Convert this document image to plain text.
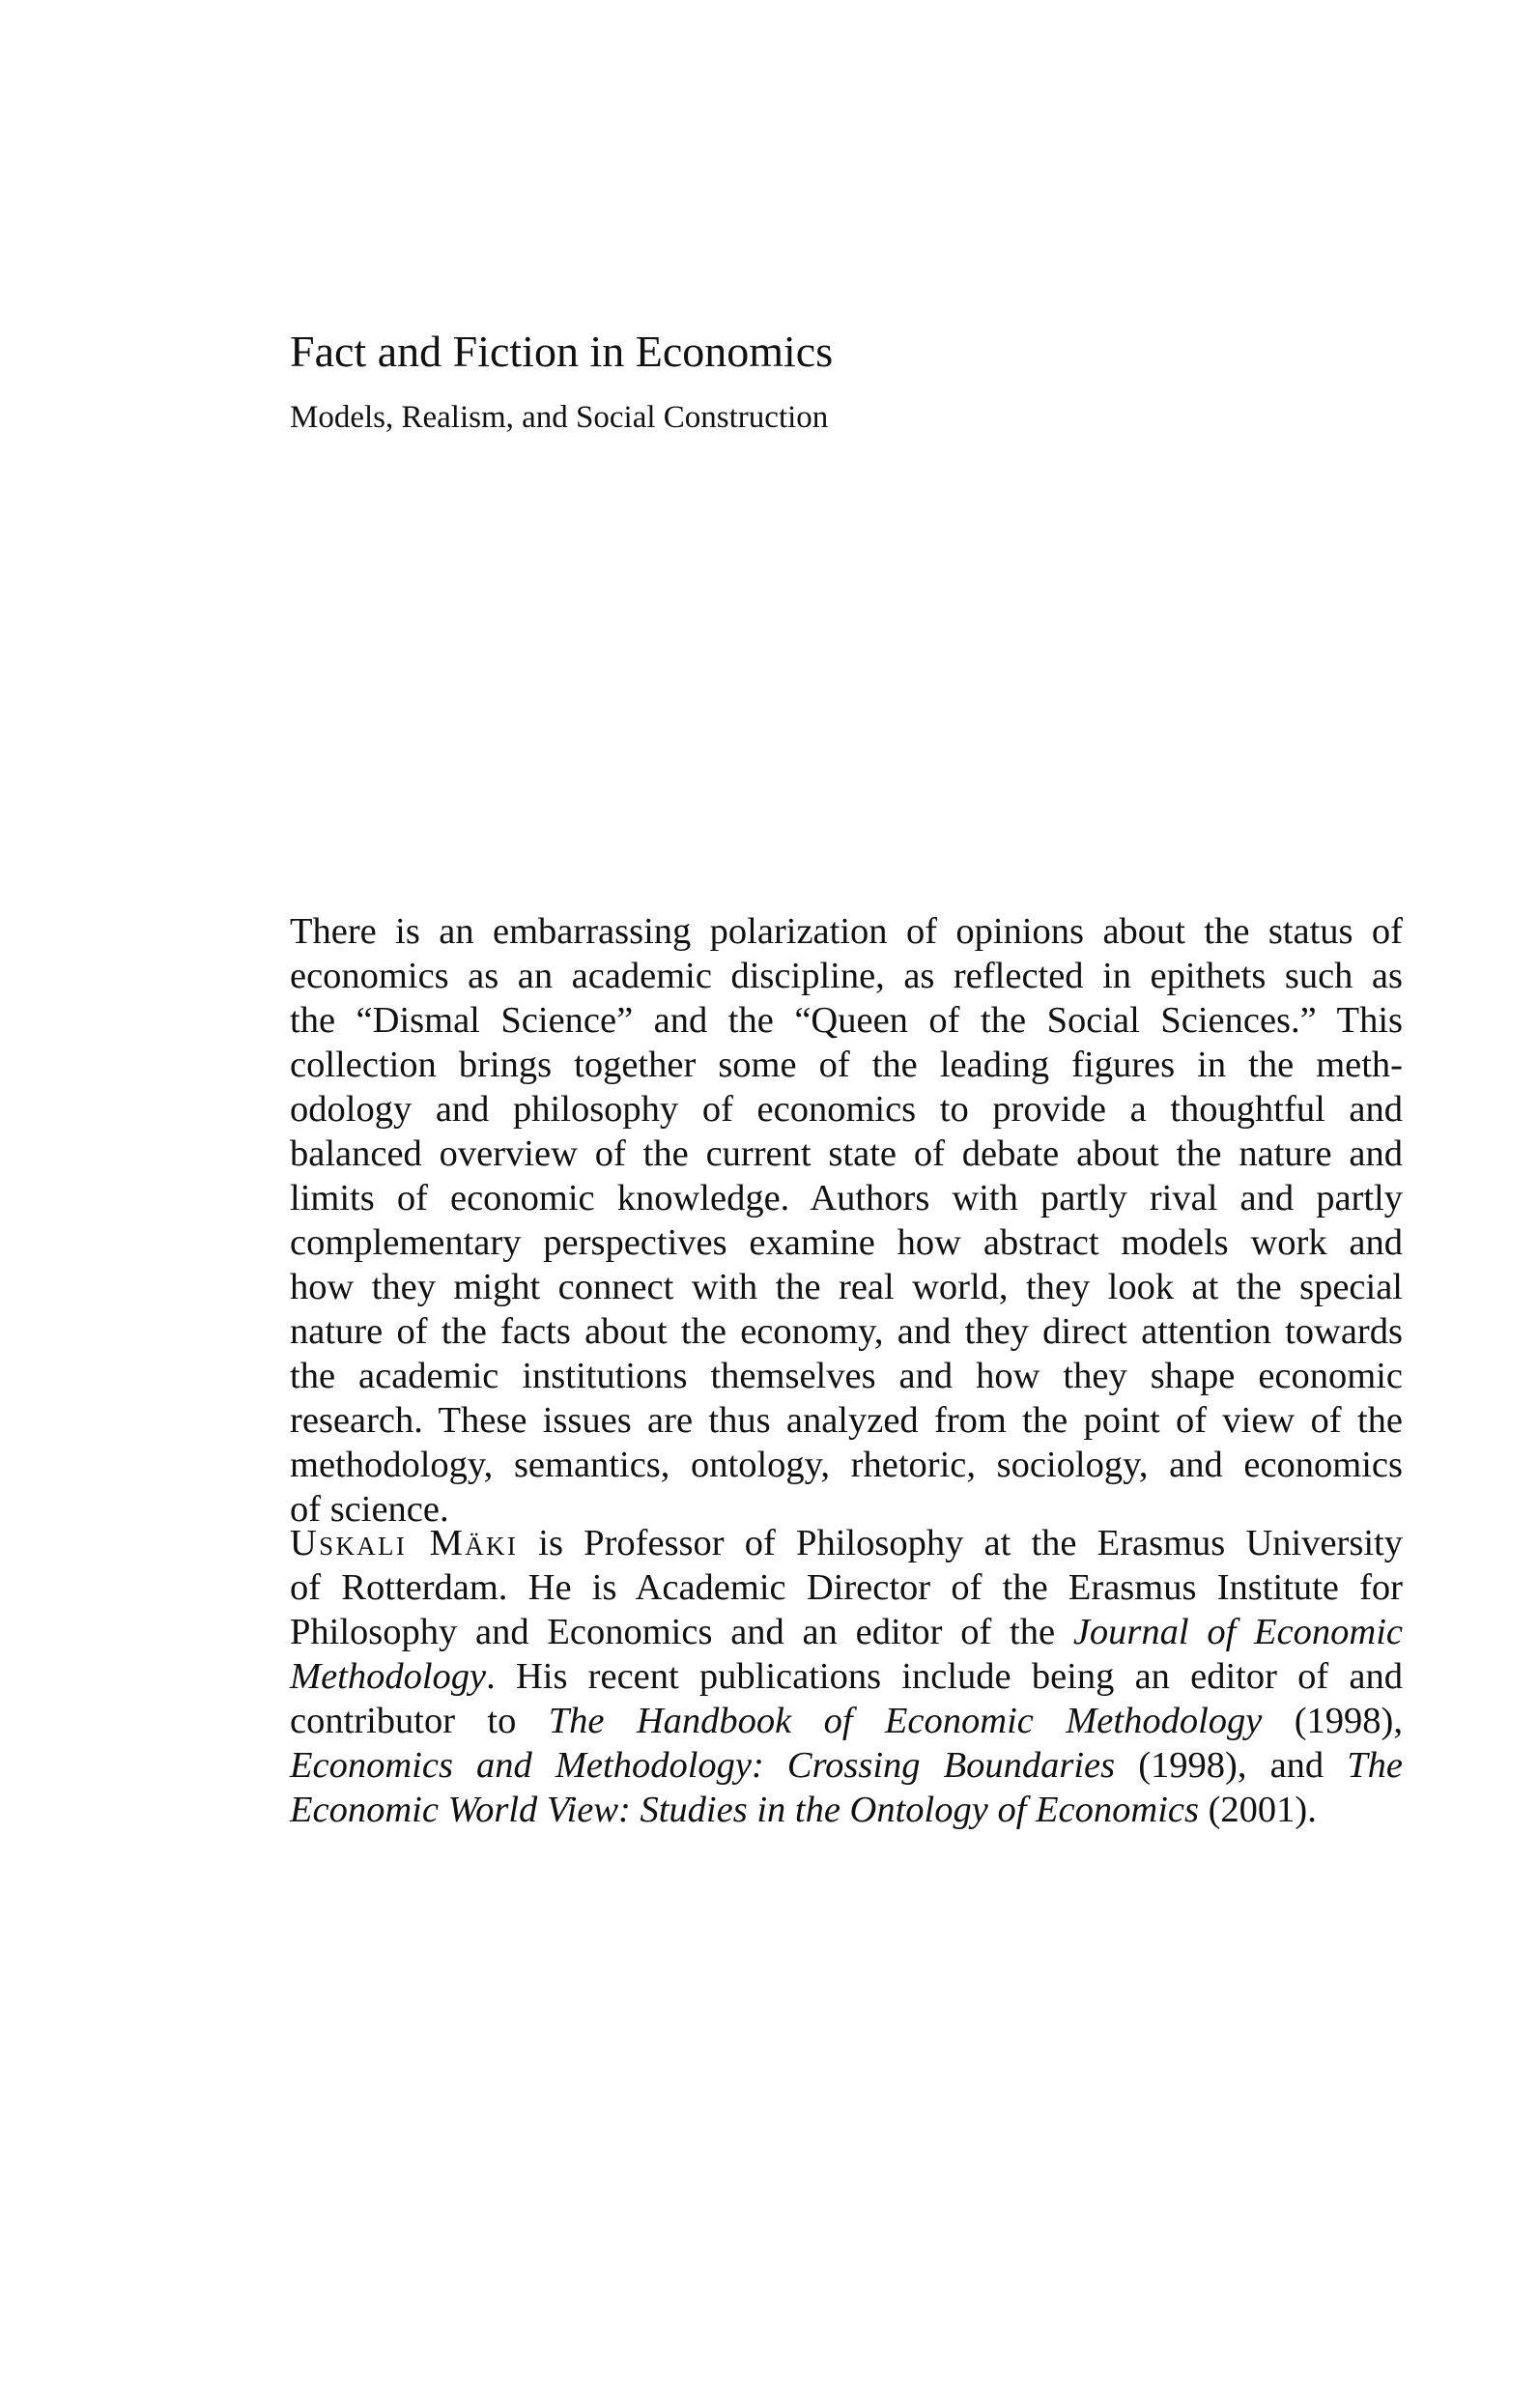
Fact and Fiction in Economics
Models, Realism, and Social Construction
There is an embarrassing polarization of opinions about the status of
economics as an academic discipline, as reflected in epithets such as
the “Dismal Science” and the “Queen of the Social Sciences.” This
collection brings together some of the leading figures in the meth-
odology and philosophy of economics to provide a thoughtful and
balanced overview of the current state of debate about the nature and
limits of economic knowledge. Authors with partly rival and partly
complementary perspectives examine how abstract models work and
how they might connect with the real world, they look at the special
nature of the facts about the economy, and they direct attention towards
the academic institutions themselves and how they shape economic
research. These issues are thus analyzed from the point of view of the
methodology, semantics, ontology, rhetoric, sociology, and economics
of science.
Uskali Mäki is Professor of Philosophy at the Erasmus University
of Rotterdam. He is Academic Director of the Erasmus Institute for
Philosophy and Economics and an editor of the Journal of Economic
Methodology. His recent publications include being an editor of and
contributor to The Handbook of Economic Methodology (1998),
Economics and Methodology: Crossing Boundaries (1998), and The
Economic World View: Studies in the Ontology of Economics (2001).
